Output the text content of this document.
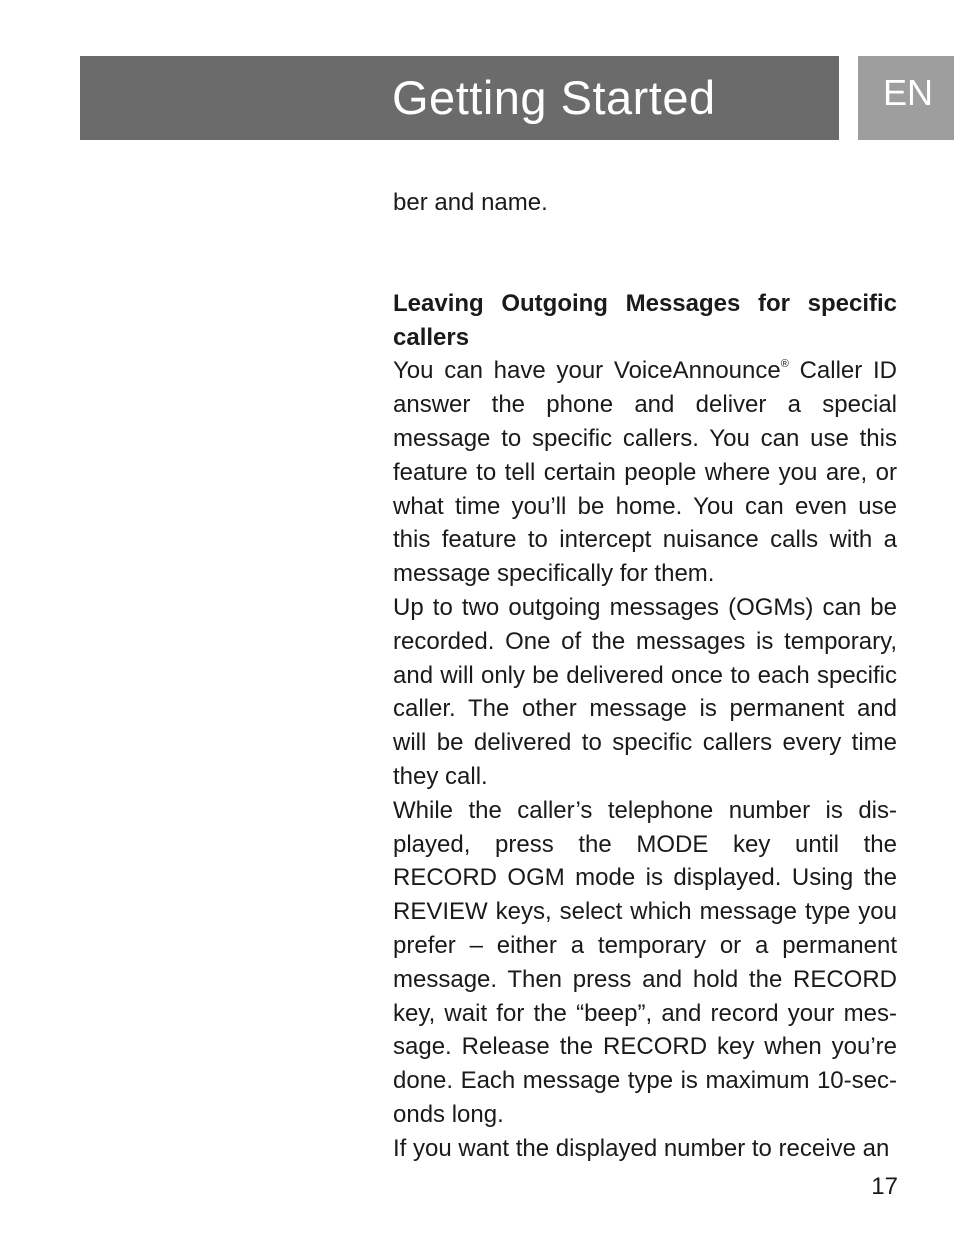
Getting Started	EN

ber and name.

Leaving Outgoing Messages for specific callers

You can have your VoiceAnnounce® Caller ID answer the phone and deliver a special message to specific callers. You can use this feature to tell certain people where you are, or what time you’ll be home. You can even use this feature to intercept nuisance calls with a message specifically for them.

Up to two outgoing messages (OGMs) can be recorded. One of the messages is temporary, and will only be delivered once to each specific caller. The other message is permanent and will be delivered to specific callers every time they call.

While the caller’s telephone number is dis-played, press the MODE key until the RECORD OGM mode is displayed. Using the REVIEW keys, select which message type you prefer – either a temporary or a permanent message. Then press and hold the RECORD key, wait for the “beep”, and record your mes-sage. Release the RECORD key when you’re done. Each message type is maximum 10-sec-onds long.

If you want the displayed number to receive an

17
